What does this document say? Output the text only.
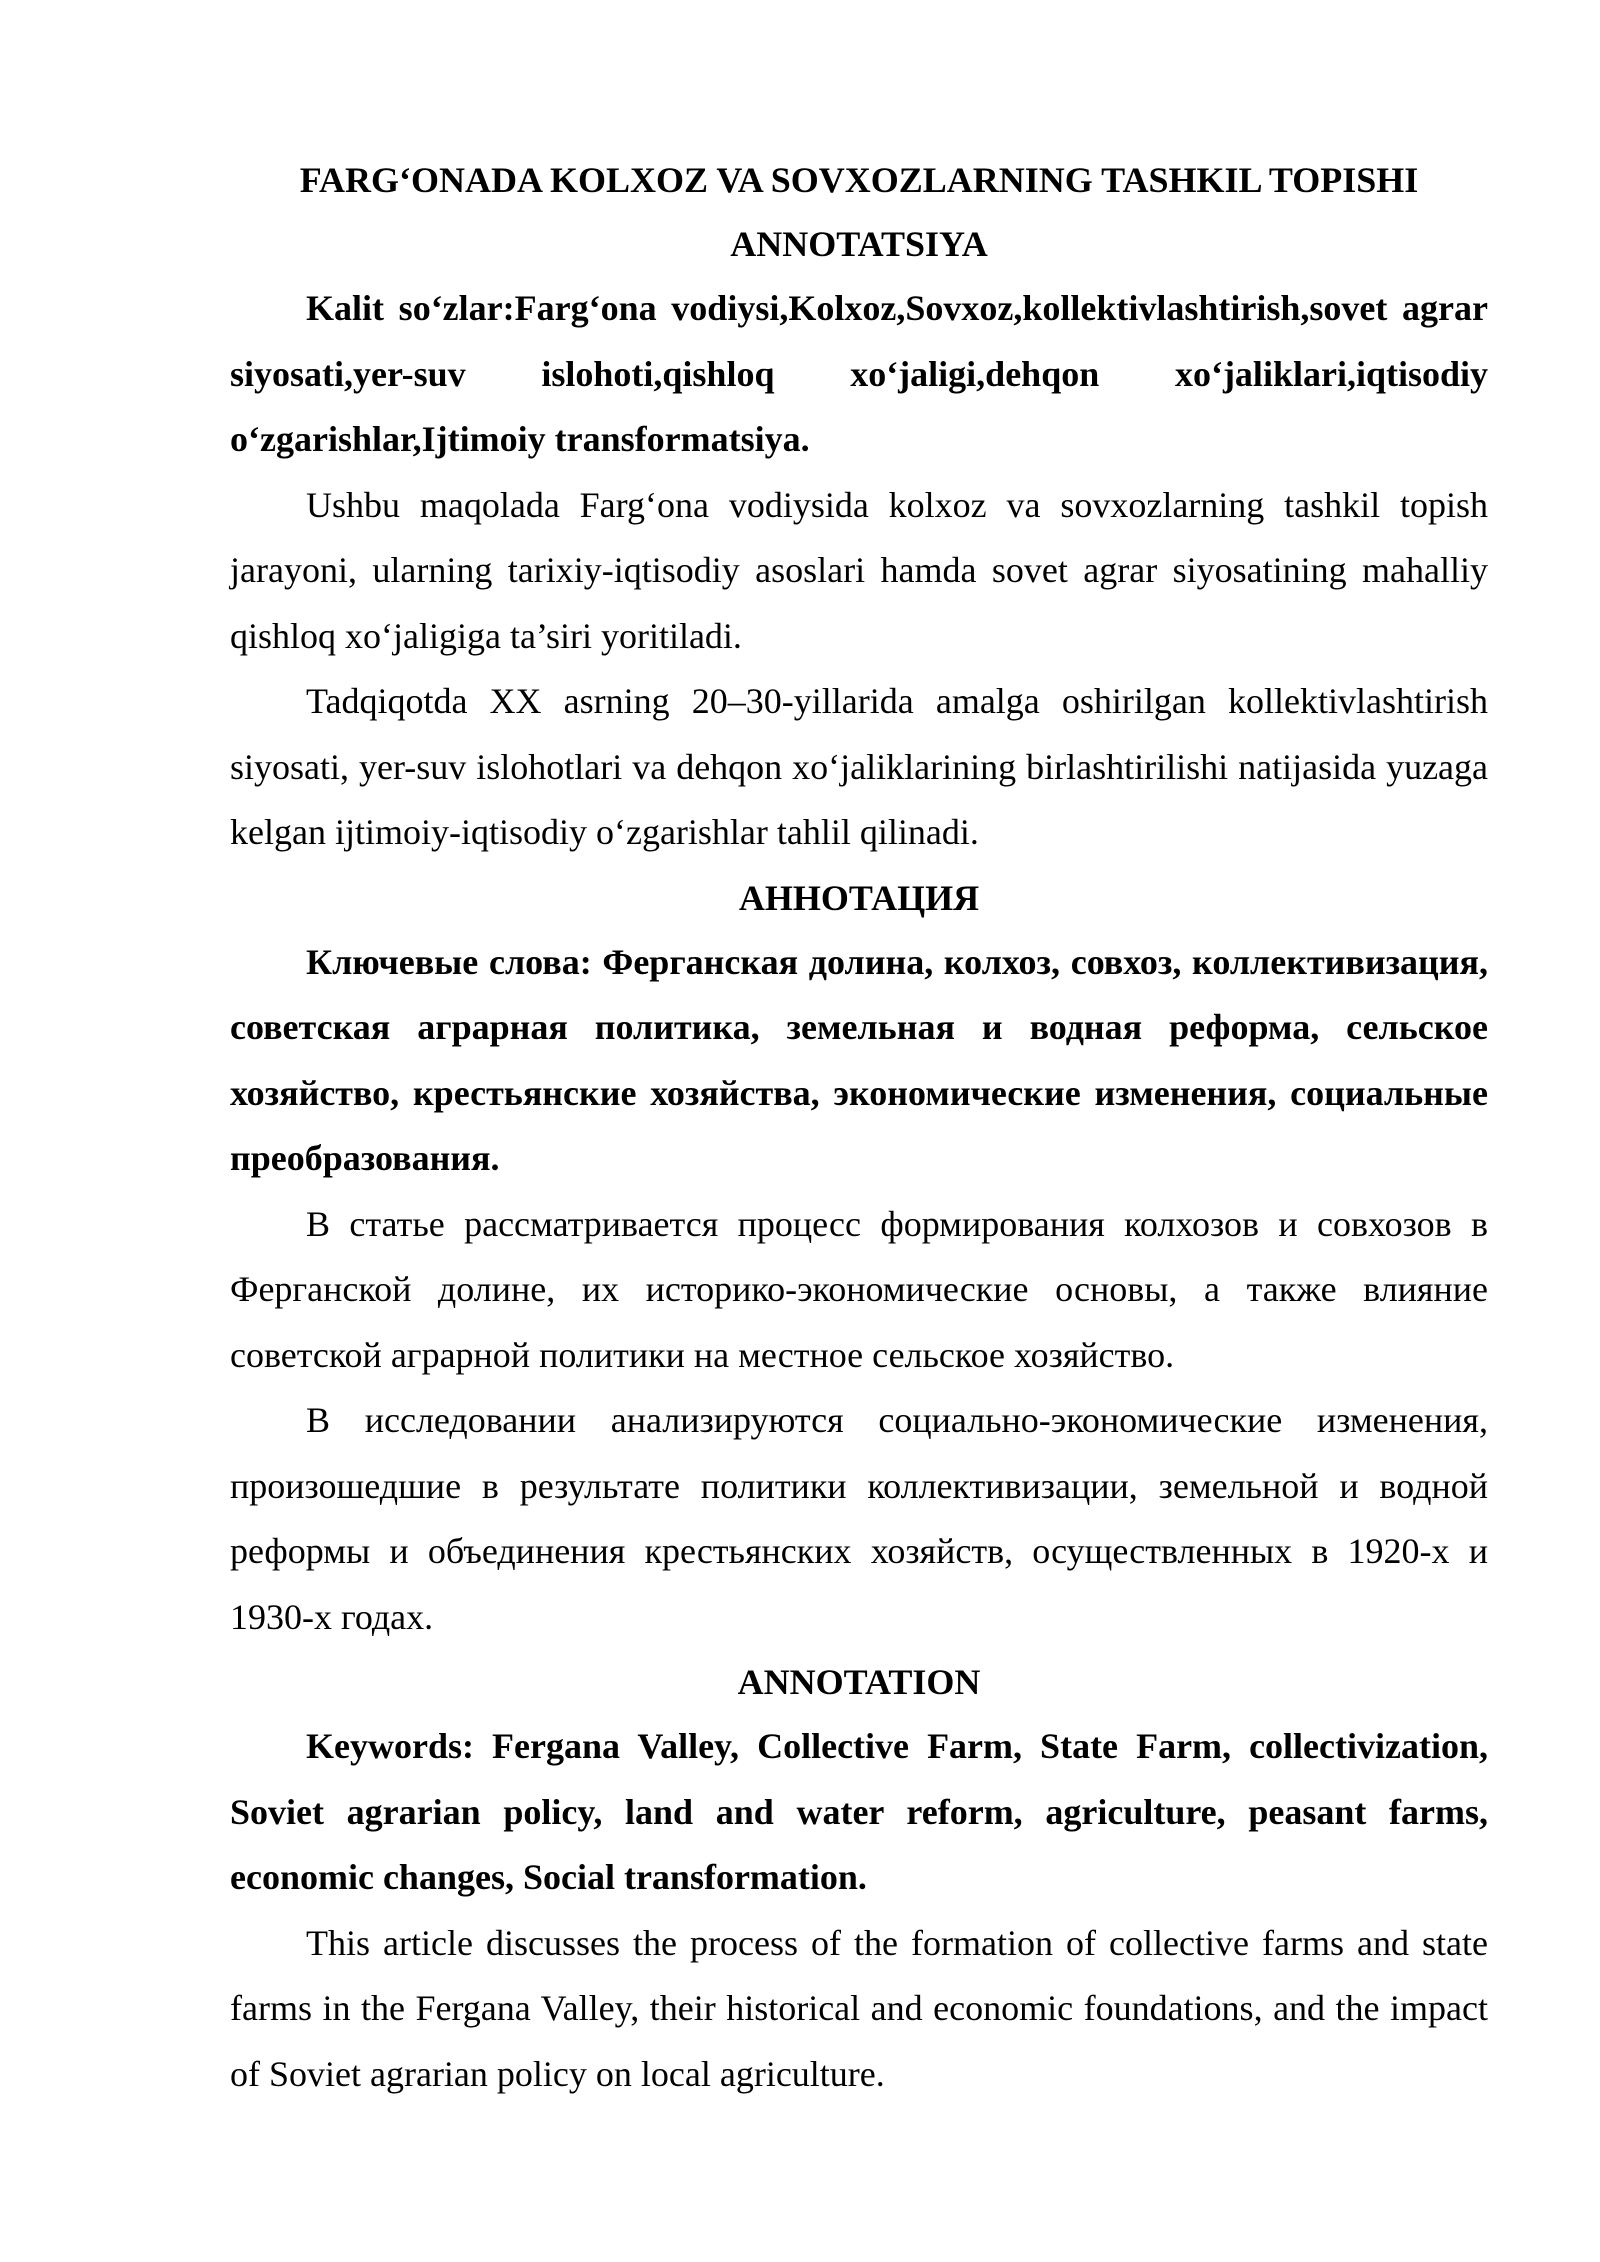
FARG‘ONADA KOLXOZ VA SOVXOZLARNING TASHKIL TOPISHI
ANNOTATSIYA

Kalit so‘zlar:Farg‘ona vodiysi,Kolxoz,Sovxoz,kollektivlashtirish,sovet agrar siyosati,yer-suv islohoti,qishloq xo‘jaligi,dehqon xo‘jaliklari,iqtisodiy o‘zgarishlar,Ijtimoiy transformatsiya.

Ushbu maqolada Farg‘ona vodiysida kolxoz va sovxozlarning tashkil topish jarayoni, ularning tarixiy-iqtisodiy asoslari hamda sovet agrar siyosatining mahalliy qishloq xo‘jaligiga ta’siri yoritiladi.

Tadqiqotda XX asrning 20–30-yillarida amalga oshirilgan kollektivlashtirish siyosati, yer-suv islohotlari va dehqon xo‘jaliklarining birlashtirilishi natijasida yuzaga kelgan ijtimoiy-iqtisodiy o‘zgarishlar tahlil qilinadi.

АННОТАЦИЯ

Ключевые слова: Ферганская долина, колхоз, совхоз, коллективизация, советская аграрная политика, земельная и водная реформа, сельское хозяйство, крестьянские хозяйства, экономические изменения, социальные преобразования.

В статье рассматривается процесс формирования колхозов и совхозов в Ферганской долине, их историко-экономические основы, а также влияние советской аграрной политики на местное сельское хозяйство.

В исследовании анализируются социально-экономические изменения, произошедшие в результате политики коллективизации, земельной и водной реформы и объединения крестьянских хозяйств, осуществленных в 1920-х и 1930-х годах.

ANNOTATION

Keywords: Fergana Valley, Collective Farm, State Farm, collectivization, Soviet agrarian policy, land and water reform, agriculture, peasant farms, economic changes, Social transformation.

This article discusses the process of the formation of collective farms and state farms in the Fergana Valley, their historical and economic foundations, and the impact of Soviet agrarian policy on local agriculture.
